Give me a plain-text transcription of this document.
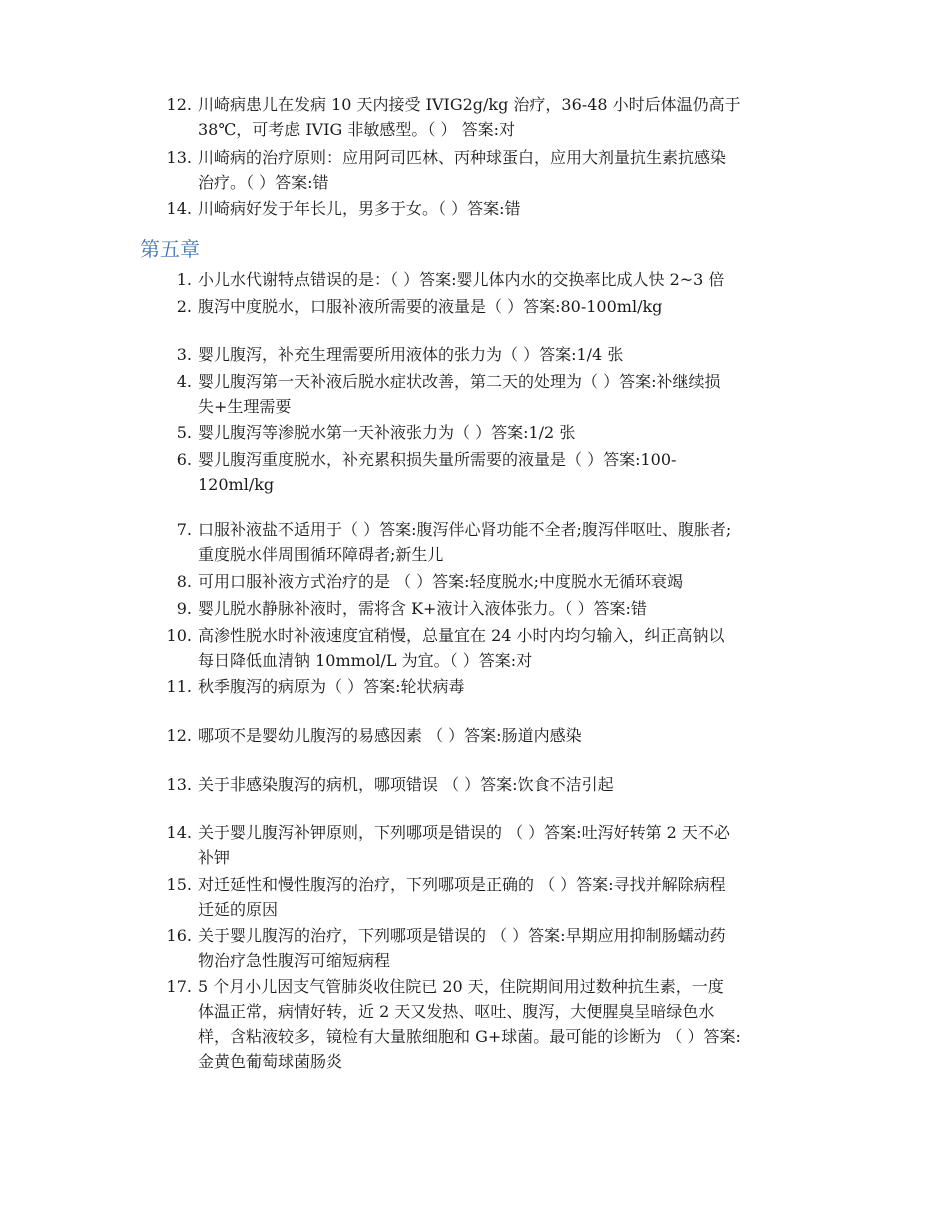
12. 川崎病患儿在发病 10 天内接受 IVIG2g/kg 治疗，36-48 小时后体温仍高于
38℃，可考虑 IVIG 非敏感型。（ ） 答案:对
13. 川崎病的治疗原则：应用阿司匹林、丙种球蛋白，应用大剂量抗生素抗感染
治疗。（ ）答案:错
14. 川崎病好发于年长儿，男多于女。（ ）答案:错
第五章
1. 小儿水代谢特点错误的是：（ ）答案:婴儿体内水的交换率比成人快 2~3 倍
2. 腹泻中度脱水，口服补液所需要的液量是（ ）答案:80-100ml/kg
3. 婴儿腹泻，补充生理需要所用液体的张力为（ ）答案:1/4 张
4. 婴儿腹泻第一天补液后脱水症状改善，第二天的处理为（ ）答案:补继续损
失+生理需要
5. 婴儿腹泻等渗脱水第一天补液张力为（ ）答案:1/2 张
6. 婴儿腹泻重度脱水，补充累积损失量所需要的液量是（ ）答案:100-
120ml/kg
7. 口服补液盐不适用于（ ）答案:腹泻伴心肾功能不全者;腹泻伴呕吐、腹胀者;
重度脱水伴周围循环障碍者;新生儿
8. 可用口服补液方式治疗的是 （ ）答案:轻度脱水;中度脱水无循环衰竭
9. 婴儿脱水静脉补液时，需将含 K+液计入液体张力。（ ）答案:错
10. 高渗性脱水时补液速度宜稍慢，总量宜在 24 小时内均匀输入，纠正高钠以
每日降低血清钠 10mmol/L 为宜。（ ）答案:对
11. 秋季腹泻的病原为（ ）答案:轮状病毒
12. 哪项不是婴幼儿腹泻的易感因素 （ ）答案:肠道内感染
13. 关于非感染腹泻的病机，哪项错误 （ ）答案:饮食不洁引起
14. 关于婴儿腹泻补钾原则，下列哪项是错误的 （ ）答案:吐泻好转第 2 天不必
补钾
15. 对迁延性和慢性腹泻的治疗，下列哪项是正确的 （ ）答案:寻找并解除病程
迁延的原因
16. 关于婴儿腹泻的治疗，下列哪项是错误的 （ ）答案:早期应用抑制肠蠕动药
物治疗急性腹泻可缩短病程
17. 5 个月小儿因支气管肺炎收住院已 20 天，住院期间用过数种抗生素，一度
体温正常，病情好转，近 2 天又发热、呕吐、腹泻，大便腥臭呈暗绿色水
样，含粘液较多，镜检有大量脓细胞和 G+球菌。最可能的诊断为 （ ）答案:
金黄色葡萄球菌肠炎
